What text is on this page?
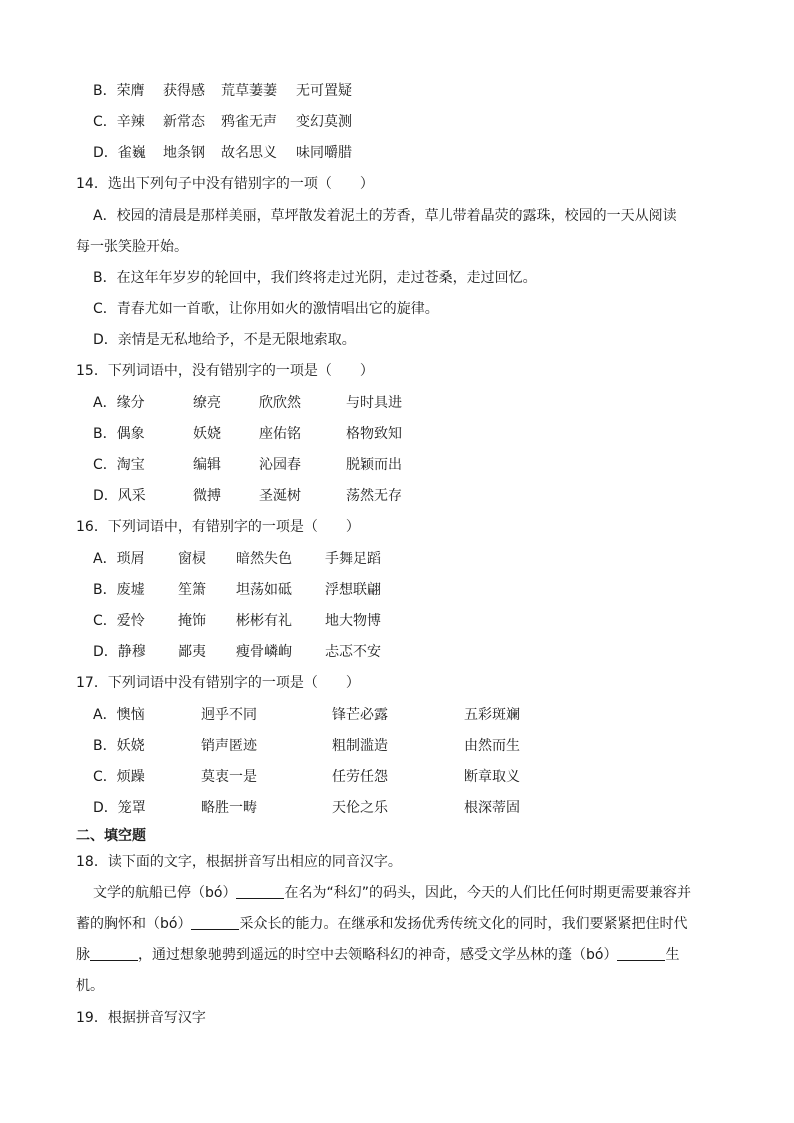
B．荣膺 获得感 荒草萋萋 无可置疑
C．辛辣 新常态 鸦雀无声 变幻莫测
D．雀巍 地条钢 故名思义 味同嚼腊
14．选出下列句子中没有错别字的一项（　　）
A．校园的清晨是那样美丽，草坪散发着泥土的芳香，草儿带着晶荧的露珠，校园的一天从阅读
每一张笑脸开始。
B．在这年年岁岁的轮回中，我们终将走过光阴，走过苍桑，走过回忆。
C．青春尤如一首歌，让你用如火的激情唱出它的旋律。
D．亲情是无私地给予，不是无限地索取。
15．下列词语中，没有错别字的一项是（　　）
A．缘分	缭亮	欣欣然	与时具进
B．偶象	妖娆	座佑铭	格物致知
C．淘宝	编辑	沁园春	脱颖而出
D．风采	微搏	圣涎树	荡然无存
16．下列词语中，有错别字的一项是（　　）
A．琐屑 窗棂 暗然失色 手舞足蹈
B．废墟 笙箫 坦荡如砥 浮想联翩
C．爱怜 掩饰 彬彬有礼 地大物博
D．静穆 鄙夷 瘦骨嶙峋 忐忑不安
17．下列词语中没有错别字的一项是（　　）
A．懊恼	迥乎不同	锋芒必露	五彩斑斓
B．妖娆	销声匿迹	粗制滥造	由然而生
C．烦躁	莫衷一是	任劳任怨	断章取义
D．笼罩	略胜一畴	天伦之乐	根深蒂固
二、填空题
18．读下面的文字，根据拼音写出相应的同音汉字。
文学的航船已停（bó）	在名为“科幻”的码头，因此，今天的人们比任何时期更需要兼容并
蓄的胸怀和（bó）	采众长的能力。在继承和发扬优秀传统文化的同时，我们要紧紧把住时代
脉	，通过想象驰骋到遥远的时空中去领略科幻的神奇，感受文学丛林的蓬（bó）	生
机。
19．根据拼音写汉字
